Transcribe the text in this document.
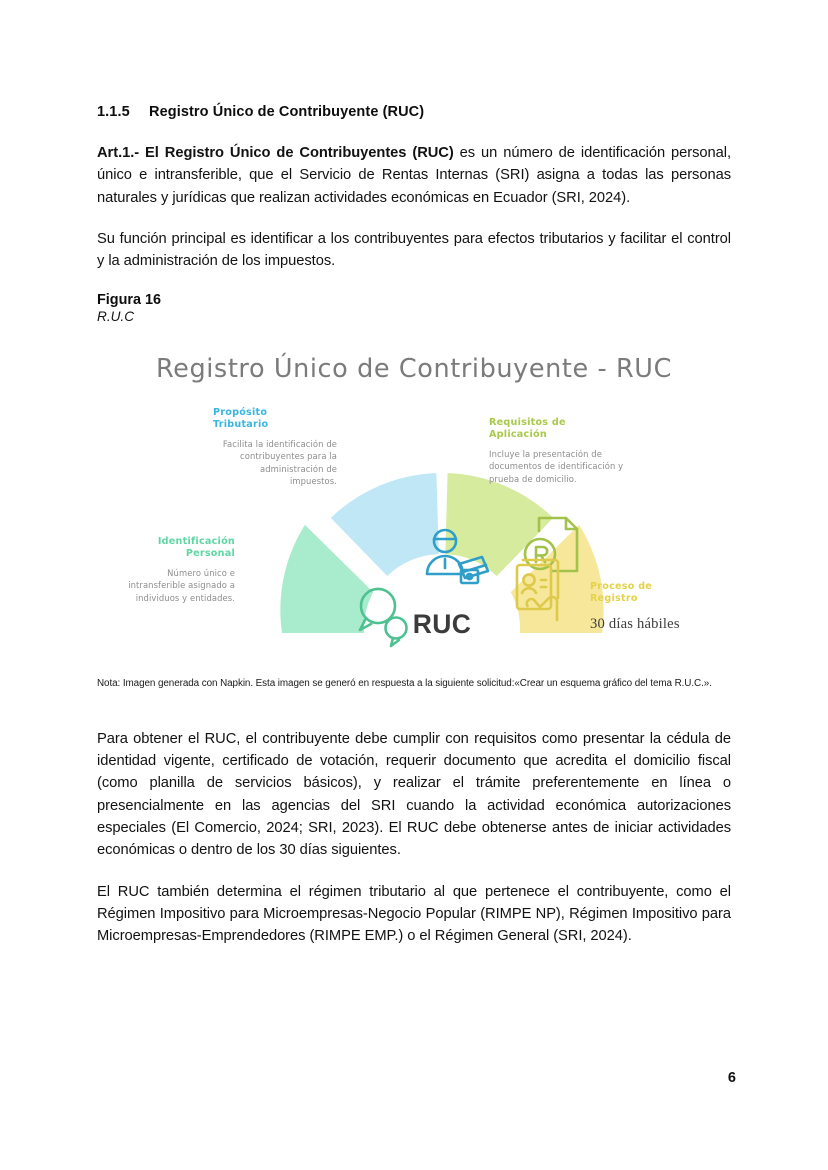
1.1.5	Registro Único de Contribuyente (RUC)

Art.1.- El Registro Único de Contribuyentes (RUC) es un número de identificación personal, único e intransferible, que el Servicio de Rentas Internas (SRI) asigna a todas las personas naturales y jurídicas que realizan actividades económicas en Ecuador (SRI, 2024).

Su función principal es identificar a los contribuyentes para efectos tributarios y facilitar el control y la administración de los impuestos.

Figura 16
R.U.C
Registro Único de Contribuyente - RUC
Propósito
Tributario
Facilita la identificación de contribuyentes para la administración de impuestos.
Requisitos de
Aplicación
Incluye la presentación de documentos de identificación y prueba de domicilio.
Identificación
Personal
Número único e intransferible asignado a individuos y entidades.
Proceso de
Registro
30 días hábiles
RUC

Nota: Imagen generada con Napkin. Esta imagen se generó en respuesta a la siguiente solicitud:«Crear un esquema gráfico del tema R.U.C.».

Para obtener el RUC, el contribuyente debe cumplir con requisitos como presentar la cédula de identidad vigente, certificado de votación, requerir documento que acredita el domicilio fiscal (como planilla de servicios básicos), y realizar el trámite preferentemente en línea o presencialmente en las agencias del SRI cuando la actividad económica autorizaciones especiales (El Comercio, 2024; SRI, 2023). El RUC debe obtenerse antes de iniciar actividades económicas o dentro de los 30 días siguientes.

El RUC también determina el régimen tributario al que pertenece el contribuyente, como el Régimen Impositivo para Microempresas-Negocio Popular (RIMPE NP), Régimen Impositivo para Microempresas-Emprendedores (RIMPE EMP.) o el Régimen General (SRI, 2024).

6
